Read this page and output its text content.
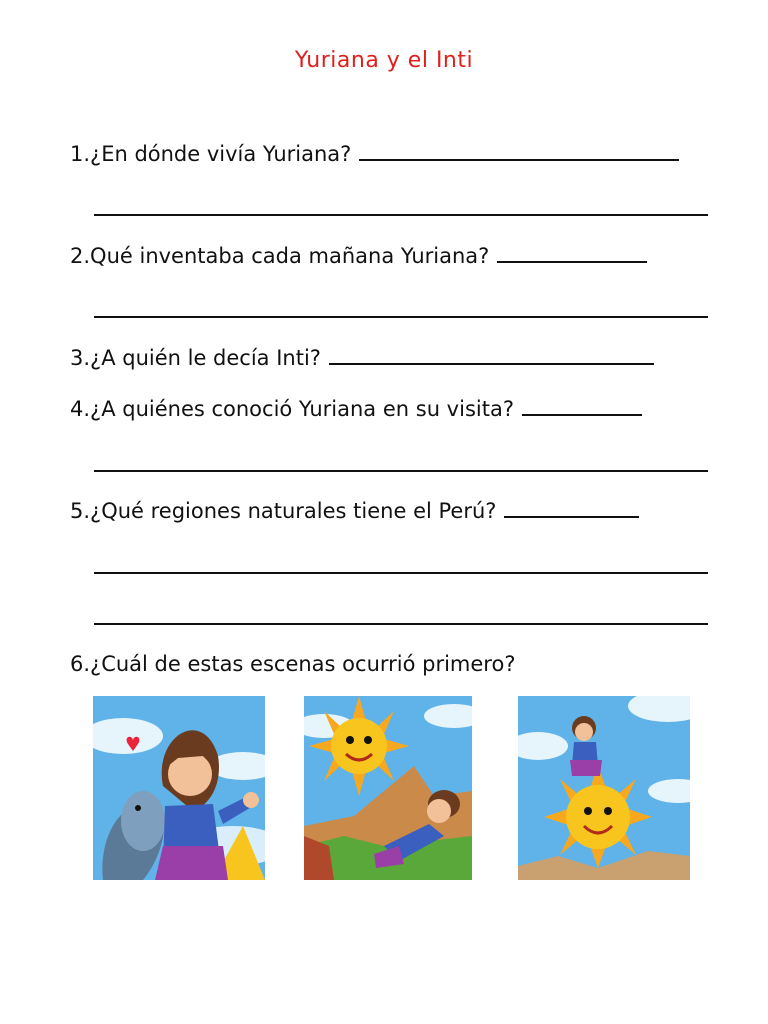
Yuriana y el Inti
1.¿En dónde vivía Yuriana?
2.Qué inventaba cada mañana Yuriana?
3.¿A quién le decía Inti?
4.¿A quiénes conoció Yuriana en su visita?
5.¿Qué regiones naturales tiene el Perú?
6.¿Cuál de estas escenas ocurrió primero?
